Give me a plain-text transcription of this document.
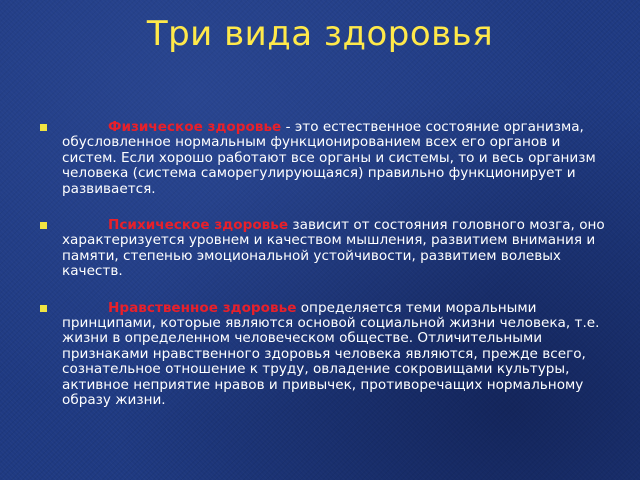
Три вида здоровья
Физическое здоровье - это естественное состояние организма, обусловленное нормальным функционированием всех его органов и систем. Если хорошо работают все органы и системы, то и весь организм человека (система саморегулирующаяся) правильно функционирует и развивается.
Психическое здоровье зависит от состояния головного мозга, оно характеризуется уровнем и качеством мышления, развитием внимания и памяти, степенью эмоциональной устойчивости, развитием волевых качеств.
Нравственное здоровье определяется теми моральными принципами, которые являются основой социальной жизни человека, т.е. жизни в определенном человеческом обществе. Отличительными признаками нравственного здоровья человека являются, прежде всего, сознательное отношение к труду, овладение сокровищами культуры, активное неприятие нравов и привычек, противоречащих нормальному образу жизни.
